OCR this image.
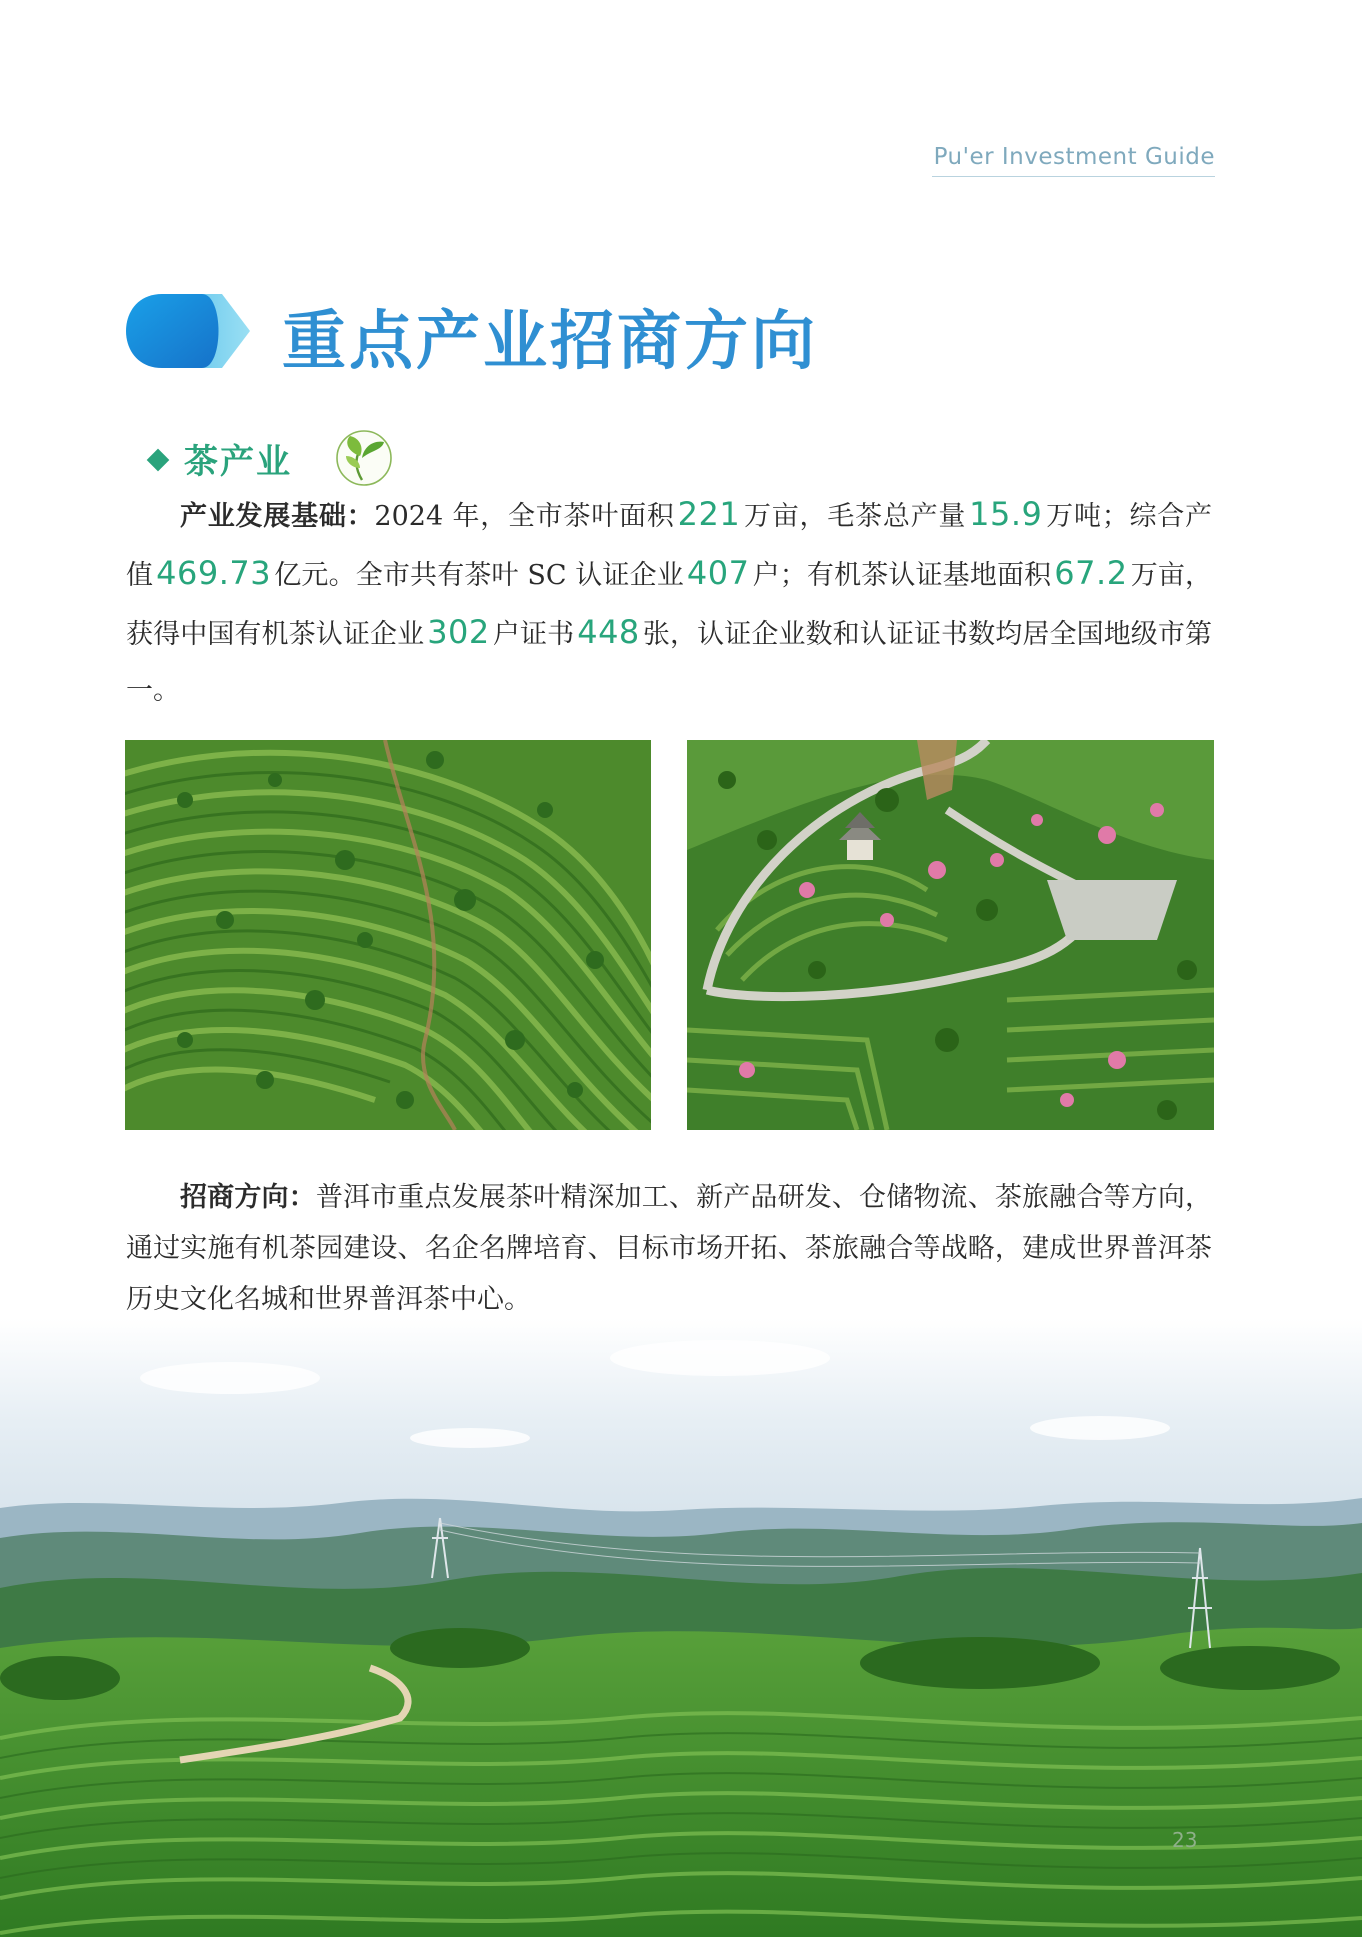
Pu'er Investment Guide
重点产业招商方向
茶产业
产业发展基础：2024 年，全市茶叶面积221 万亩，毛茶总产量15.9 万吨；综合产值469.73 亿元。全市共有茶叶 SC 认证企业407 户；有机茶认证基地面积67.2 万亩，获得中国有机茶认证企业302 户证书448 张，认证企业数和认证证书数均居全国地级市第一。
招商方向：普洱市重点发展茶叶精深加工、新产品研发、仓储物流、茶旅融合等方向，通过实施有机茶园建设、名企名牌培育、目标市场开拓、茶旅融合等战略，建成世界普洱茶历史文化名城和世界普洱茶中心。
23
